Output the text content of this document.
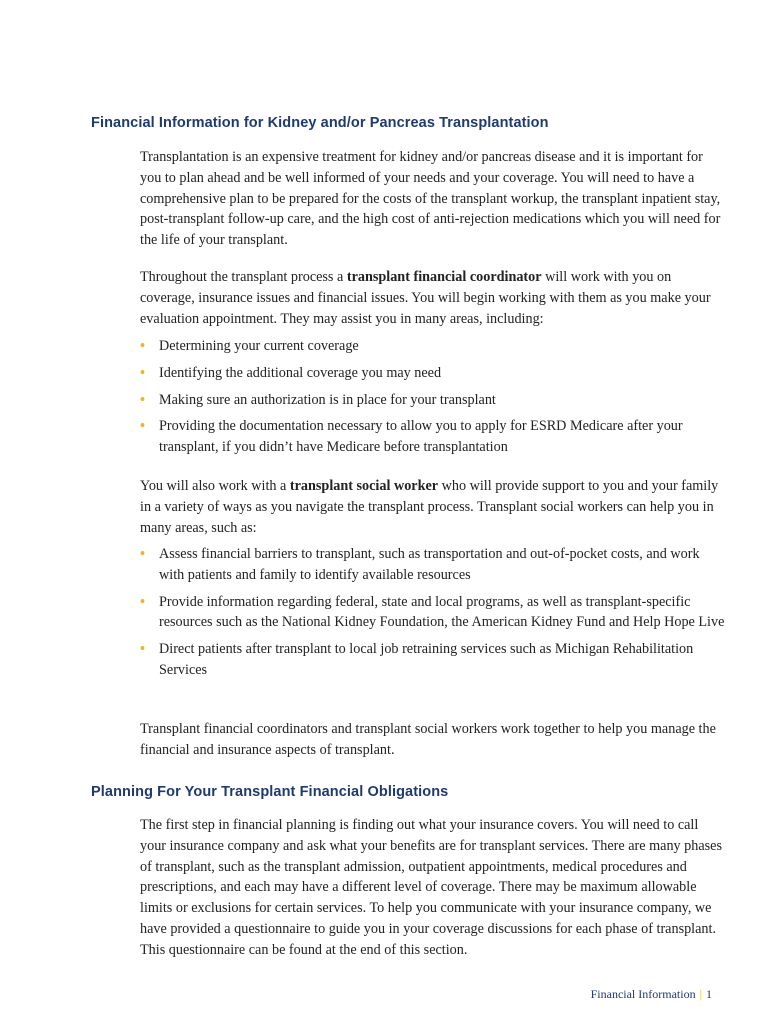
Financial Information for Kidney and/or Pancreas Transplantation

Transplantation is an expensive treatment for kidney and/or pancreas disease and it is important for you to plan ahead and be well informed of your needs and your coverage. You will need to have a comprehensive plan to be prepared for the costs of the transplant workup, the transplant inpatient stay, post-transplant follow-up care, and the high cost of anti-rejection medications which you will need for the life of your transplant.

Throughout the transplant process a transplant financial coordinator will work with you on coverage, insurance issues and financial issues. You will begin working with them as you make your evaluation appointment. They may assist you in many areas, including:

• Determining your current coverage
• Identifying the additional coverage you may need
• Making sure an authorization is in place for your transplant
• Providing the documentation necessary to allow you to apply for ESRD Medicare after your transplant, if you didn’t have Medicare before transplantation

You will also work with a transplant social worker who will provide support to you and your family in a variety of ways as you navigate the transplant process. Transplant social workers can help you in many areas, such as:

• Assess financial barriers to transplant, such as transportation and out-of-pocket costs, and work with patients and family to identify available resources
• Provide information regarding federal, state and local programs, as well as transplant-specific resources such as the National Kidney Foundation, the American Kidney Fund and Help Hope Live
• Direct patients after transplant to local job retraining services such as Michigan Rehabilitation Services

Transplant financial coordinators and transplant social workers work together to help you manage the financial and insurance aspects of transplant.

Planning For Your Transplant Financial Obligations

The first step in financial planning is finding out what your insurance covers. You will need to call your insurance company and ask what your benefits are for transplant services. There are many phases of transplant, such as the transplant admission, outpatient appointments, medical procedures and prescriptions, and each may have a different level of coverage. There may be maximum allowable limits or exclusions for certain services. To help you communicate with your insurance company, we have provided a questionnaire to guide you in your coverage discussions for each phase of transplant. This questionnaire can be found at the end of this section.

Financial Information | 1
